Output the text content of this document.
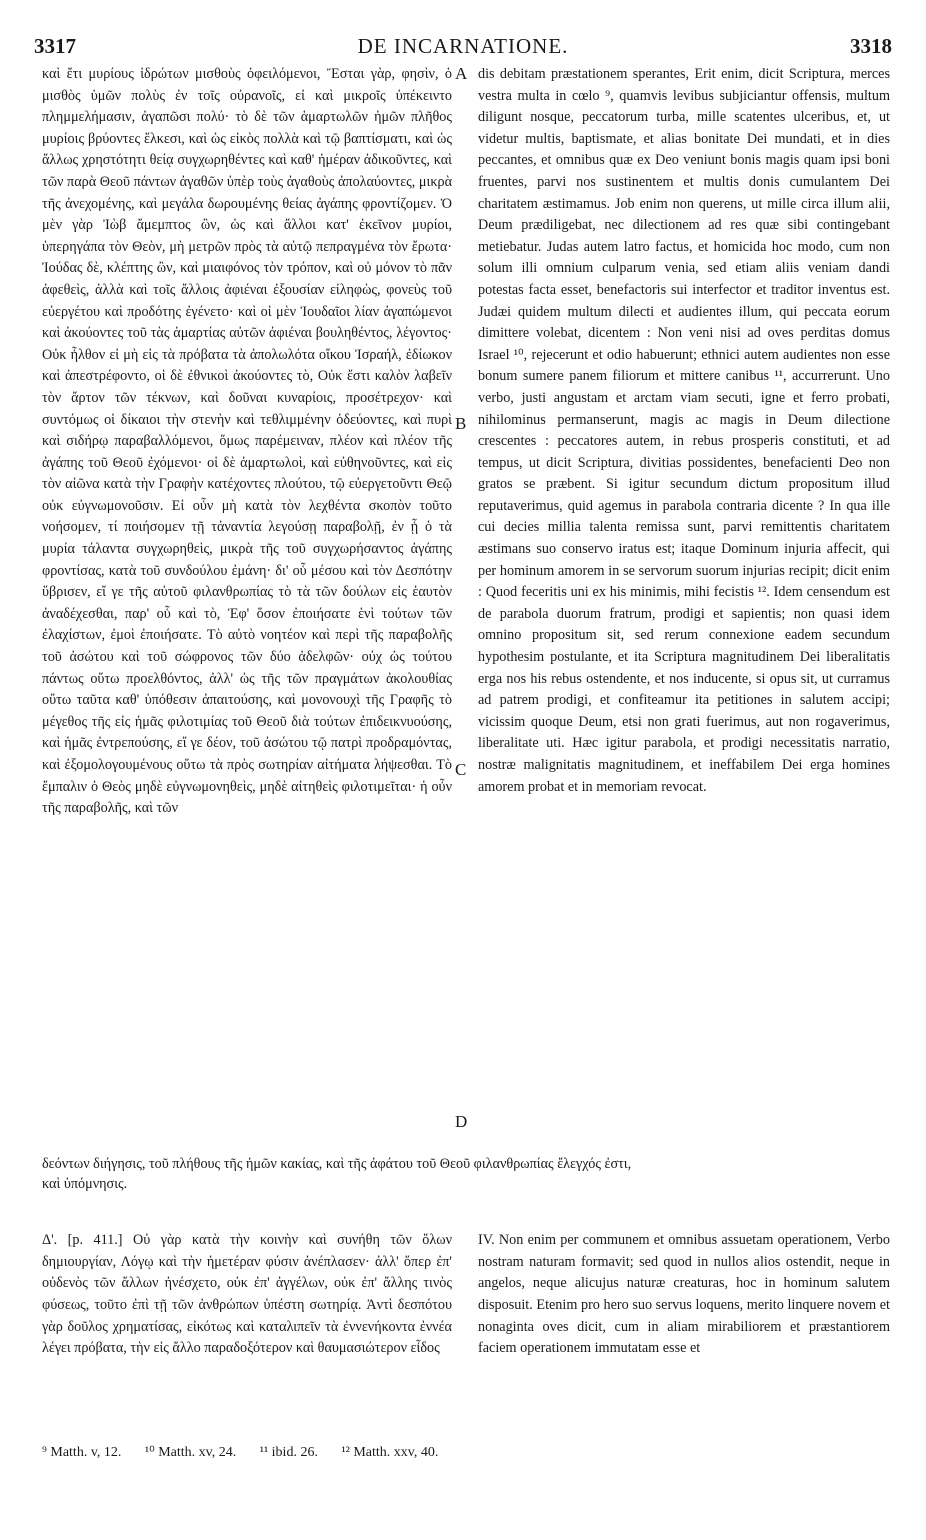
3317	DE INCARNATIONE.	3318

καὶ ἔτι μυρίους ἱδρώτων μισθοὺς ὀφειλόμενοι, Ἔσται γὰρ, φησὶν, ὁ μισθὸς ὑμῶν πολὺς ἐν τοῖς οὐρανοῖς, εἰ καὶ μικροῖς ὑπέκειντο πλημμελήμασιν, ἀγαπῶσι πολύ· τὸ δὲ τῶν ἁμαρτωλῶν ἡμῶν πλῆθος μυρίοις βρύοντες ἕλκεσι, καὶ ὡς εἰκὸς πολλὰ καὶ τῷ βαπτίσματι, καὶ ὡς ἄλλως χρηστότητι θείᾳ συγχωρηθέντες καὶ καθ' ἡμέραν ἀδικοῦντες, καὶ τῶν παρὰ Θεοῦ πάντων ἀγαθῶν ὑπὲρ τοὺς ἀγαθοὺς ἀπολαύοντες, μικρὰ τῆς ἀνεχομένης, καὶ μεγάλα δωρουμένης θείας ἀγάπης φροντίζομεν. Ὁ μὲν γὰρ Ἰὼβ ἄμεμπτος ὢν, ὡς καὶ ἄλλοι κατ' ἐκεῖνον μυρίοι, ὑπερηγάπα τὸν Θεὸν, μὴ μετρῶν πρὸς τὰ αὐτῷ πεπραγμένα τὸν ἔρωτα· Ἰούδας δὲ, κλέπτης ὢν, καὶ μιαιφόνος τὸν τρόπον, καὶ οὐ μόνον τὸ πᾶν ἀφεθεὶς, ἀλλὰ καὶ τοῖς ἄλλοις ἀφιέναι ἐξουσίαν εἰληφὼς, φονεὺς τοῦ εὐεργέτου καὶ προδότης ἐγένετο· καὶ οἱ μὲν Ἰουδαῖοι λίαν ἀγαπώμενοι καὶ ἀκούοντες τοῦ τὰς ἁμαρτίας αὐτῶν ἀφιέναι βουληθέντος, λέγοντος· Οὐκ ἦλθον εἰ μὴ εἰς τὰ πρόβατα τὰ ἀπολωλότα οἴκου Ἰσραήλ, ἐδίωκον καὶ ἀπεστρέφοντο, οἱ δὲ ἐθνικοὶ ἀκούοντες τὸ, Οὐκ ἔστι καλὸν λαβεῖν τὸν ἄρτον τῶν τέκνων, καὶ δοῦναι κυναρίοις, προσέτρεχον· καὶ συντόμως οἱ δίκαιοι τὴν στενὴν καὶ τεθλιμμένην ὁδεύοντες, καὶ πυρὶ καὶ σιδήρῳ παραβαλλόμενοι, ὅμως παρέμειναν, πλέον καὶ πλέον τῆς ἀγάπης τοῦ Θεοῦ ἐχόμενοι· οἱ δὲ ἁμαρτωλοὶ, καὶ εὐθηνοῦντες, καὶ εἰς τὸν αἰῶνα κατὰ τὴν Γραφὴν κατέχοντες πλούτου, τῷ εὐεργετοῦντι Θεῷ οὐκ εὐγνωμονοῦσιν. Εἰ οὖν μὴ κατὰ τὸν λεχθέντα σκοπὸν τοῦτο νοήσομεν, τί ποιήσομεν τῇ τἀναντία λεγούσῃ παραβολῇ, ἐν ᾗ ὁ τὰ μυρία τάλαντα συγχωρηθεὶς, μικρὰ τῆς τοῦ συγχωρήσαντος ἀγάπης φροντίσας, κατὰ τοῦ συνδούλου ἐμάνη· δι' οὗ μέσου καὶ τὸν Δεσπότην ὕβρισεν, εἴ γε τῆς αὐτοῦ φιλανθρωπίας τὸ τὰ τῶν δούλων εἰς ἑαυτὸν ἀναδέχεσθαι, παρ' οὗ καὶ τὸ, Ἐφ' ὅσον ἐποιήσατε ἑνὶ τούτων τῶν ἐλαχίστων, ἐμοὶ ἐποιήσατε. Τὸ αὐτὸ νοητέον καὶ περὶ τῆς παραβολῆς τοῦ ἀσώτου καὶ τοῦ σώφρονος τῶν δύο ἀδελφῶν· οὐχ ὡς τούτου πάντως οὕτω προελθόντος, ἀλλ' ὡς τῆς τῶν πραγμάτων ἀκολουθίας οὕτω ταῦτα καθ' ὑπόθεσιν ἀπαιτούσης, καὶ μονονουχὶ τῆς Γραφῆς τὸ μέγεθος τῆς εἰς ἡμᾶς φιλοτιμίας τοῦ Θεοῦ διὰ τούτων ἐπιδεικνυούσης, καὶ ἡμᾶς ἐντρεπούσης, εἴ γε δέον, τοῦ ἀσώτου τῷ πατρὶ προδραμόντας, καὶ ἐξομολογουμένους οὕτω τὰ πρὸς σωτηρίαν αἰτήματα λήψεσθαι. Τὸ ἔμπαλιν ὁ Θεὸς μηδὲ εὐγνωμονηθεὶς, μηδὲ αἰτηθεὶς φιλοτιμεῖται· ἡ οὖν τῆς παραβολῆς, καὶ τῶν

A
B
C
D

dis debitam præstationem sperantes, Erit enim, dicit Scriptura, merces vestra multa in cœlo ⁹, quamvis levibus subjiciantur offensis, multum diligunt nosque, peccatorum turba, mille scatentes ulceribus, et, ut videtur multis, baptismate, et alias bonitate Dei mundati, et in dies peccantes, et omnibus quæ ex Deo veniunt bonis magis quam ipsi boni fruentes, parvi nos sustinentem et multis donis cumulantem Dei charitatem æstimamus. Job enim non querens, ut mille circa illum alii, Deum prædiligebat, nec dilectionem ad res quæ sibi contingebant metiebatur. Judas autem latro factus, et homicida hoc modo, cum non solum illi omnium culparum venia, sed etiam aliis veniam dandi potestas facta esset, benefactoris sui interfector et traditor inventus est. Judæi quidem multum dilecti et audientes illum, qui peccata eorum dimittere volebat, dicentem : Non veni nisi ad oves perditas domus Israel ¹⁰, rejecerunt et odio habuerunt; ethnici autem audientes non esse bonum sumere panem filiorum et mittere canibus ¹¹, accurrerunt. Uno verbo, justi angustam et arctam viam secuti, igne et ferro probati, nihilominus permanserunt, magis ac magis in Deum dilectione crescentes : peccatores autem, in rebus prosperis constituti, et ad tempus, ut dicit Scriptura, divitias possidentes, benefacienti Deo non gratos se præbent. Si igitur secundum dictum propositum illud reputaverimus, quid agemus in parabola contraria dicente ? In qua ille cui decies millia talenta remissa sunt, parvi remittentis charitatem æstimans suo conservo iratus est; itaque Dominum injuria affecit, qui per hominum amorem in se servorum suorum injurias recipit; dicit enim : Quod feceritis uni ex his minimis, mihi fecistis ¹². Idem censendum est de parabola duorum fratrum, prodigi et sapientis; non quasi idem omnino propositum sit, sed rerum connexione eadem secundum hypothesim postulante, et ita Scriptura magnitudinem Dei liberalitatis erga nos his rebus ostendente, et nos inducente, si opus sit, ut curramus ad patrem prodigi, et confiteamur ita petitiones in salutem accipi; vicissim quoque Deum, etsi non grati fuerimus, aut non rogaverimus, liberalitate uti. Hæc igitur parabola, et prodigi necessitatis narratio, nostræ malignitatis magnitudinem, et ineffabilem Dei erga homines amorem probat et in memoriam revocat.

δεόντων διήγησις, τοῦ πλήθους τῆς ἡμῶν κακίας, καὶ τῆς ἀφάτου τοῦ Θεοῦ φιλανθρωπίας ἔλεγχός ἐστι,
καὶ ὑπόμνησις.

Δ'. [p. 411.] Οὐ γὰρ κατὰ τὴν κοινὴν καὶ συνήθη τῶν ὅλων δημιουργίαν, Λόγῳ καὶ τὴν ἡμετέραν φύσιν ἀνέπλασεν· ἀλλ' ὅπερ ἐπ' οὐδενὸς τῶν ἄλλων ἠνέσχετο, οὐκ ἐπ' ἀγγέλων, οὐκ ἐπ' ἄλλης τινὸς φύσεως, τοῦτο ἐπὶ τῇ τῶν ἀνθρώπων ὑπέστη σωτηρίᾳ. Ἀντὶ δεσπότου γὰρ δοῦλος χρηματίσας, εἰκότως καὶ καταλιπεῖν τὰ ἐννενήκοντα ἐννέα λέγει πρόβατα, τὴν εἰς ἄλλο παραδοξότερον καὶ θαυμασιώτερον εἶδος

IV. Non enim per communem et omnibus assuetam operationem, Verbo nostram naturam formavit; sed quod in nullos alios ostendit, neque in angelos, neque alicujus naturæ creaturas, hoc in hominum salutem disposuit. Etenim pro hero suo servus loquens, merito linquere novem et nonaginta oves dicit, cum in aliam mirabiliorem et præstantiorem faciem operationem immutatam esse et

⁹ Matth. v, 12. ¹⁰ Matth. xv, 24. ¹¹ ibid. 26. ¹² Matth. xxv, 40.
